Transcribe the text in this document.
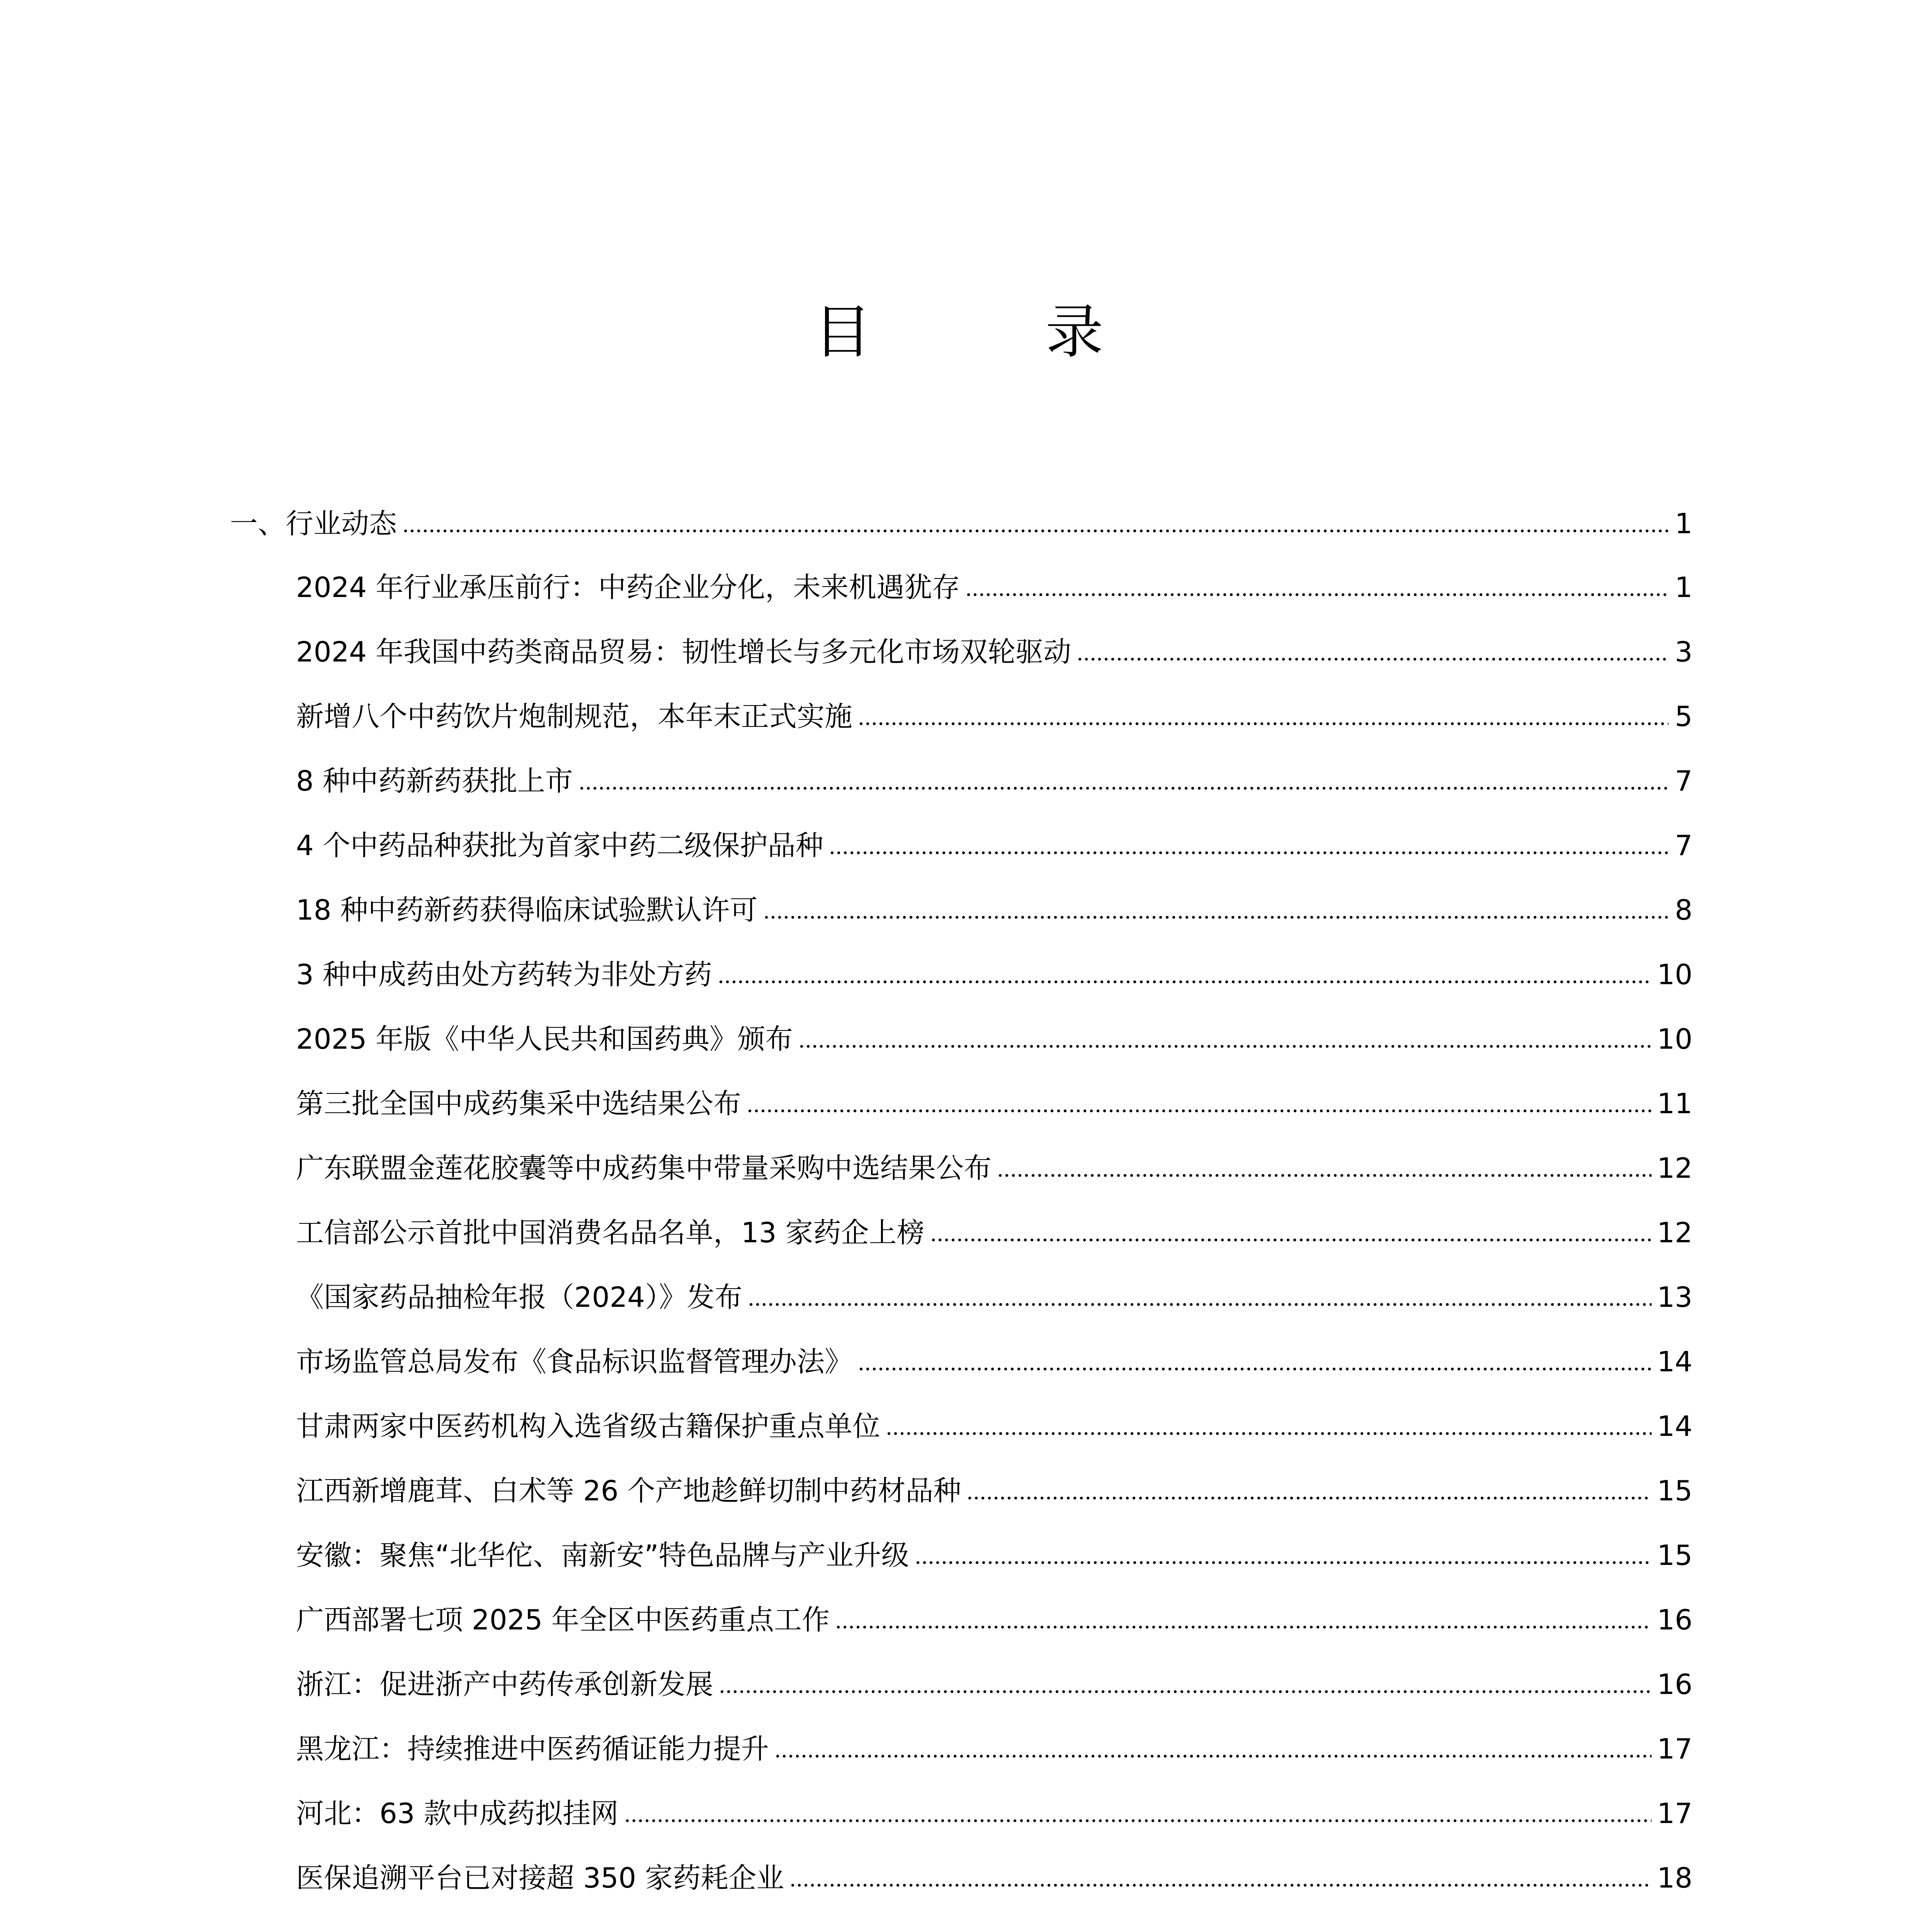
目　录
一、行业动态	1
2024 年行业承压前行：中药企业分化，未来机遇犹存	1
2024 年我国中药类商品贸易：韧性增长与多元化市场双轮驱动	3
新增八个中药饮片炮制规范，本年末正式实施	5
8 种中药新药获批上市	7
4 个中药品种获批为首家中药二级保护品种	7
18 种中药新药获得临床试验默认许可	8
3 种中成药由处方药转为非处方药	10
2025 年版《中华人民共和国药典》颁布	10
第三批全国中成药集采中选结果公布	11
广东联盟金莲花胶囊等中成药集中带量采购中选结果公布	12
工信部公示首批中国消费名品名单，13 家药企上榜	12
《国家药品抽检年报（2024）》发布	13
市场监管总局发布《食品标识监督管理办法》	14
甘肃两家中医药机构入选省级古籍保护重点单位	14
江西新增鹿茸、白术等 26 个产地趁鲜切制中药材品种	15
安徽：聚焦“北华佗、南新安”特色品牌与产业升级	15
广西部署七项 2025 年全区中医药重点工作	16
浙江：促进浙产中药传承创新发展	16
黑龙江：持续推进中医药循证能力提升	17
河北：63 款中成药拟挂网	17
医保追溯平台已对接超 350 家药耗企业	18
